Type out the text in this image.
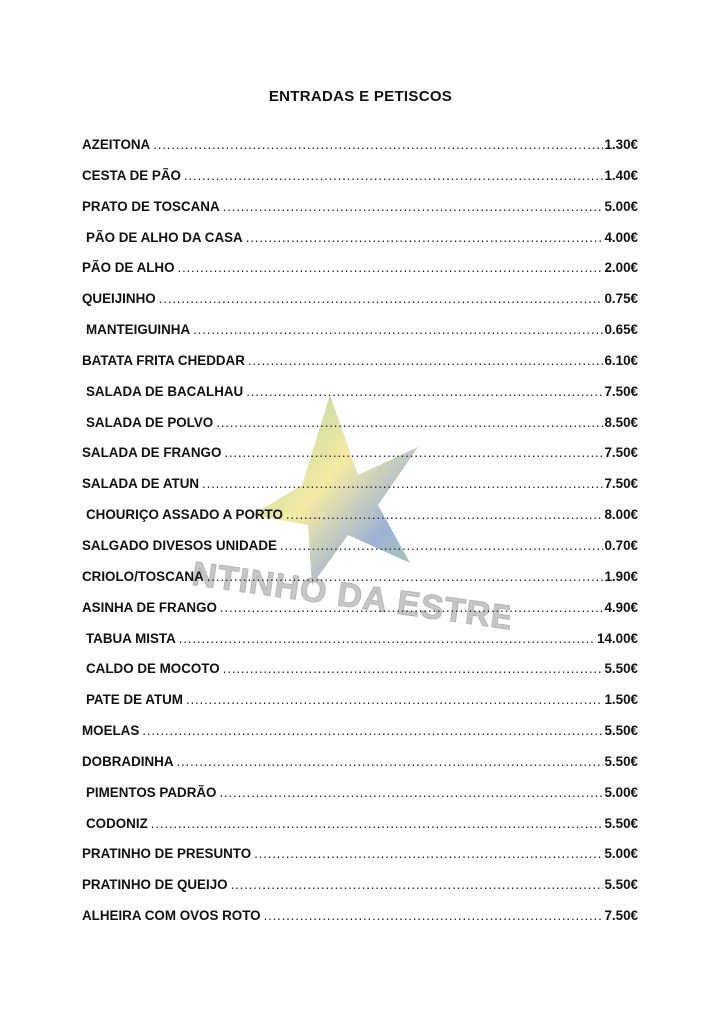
CANTINHO DA ESTRELA
ENTRADAS E PETISCOS
AZEITONA .....	1.30€
CESTA DE PÃO .....	1.40€
PRATO DE TOSCANA .....	5.00€
PÃO DE ALHO DA CASA .....	4.00€
PÃO DE ALHO .....	2.00€
QUEIJINHO .....	0.75€
MANTEIGUINHA .....	0.65€
BATATA FRITA CHEDDAR .....	6.10€
SALADA DE BACALHAU .....	7.50€
SALADA DE POLVO .....	8.50€
SALADA DE FRANGO .....	7.50€
SALADA DE ATUN .....	7.50€
CHOURIÇO ASSADO A PORTO .....	8.00€
SALGADO DIVESOS UNIDADE .....	0.70€
CRIOLO/TOSCANA .....	1.90€
ASINHA DE FRANGO .....	4.90€
TABUA MISTA .....	14.00€
CALDO DE MOCOTO .....	5.50€
PATE DE ATUM .....	1.50€
MOELAS .....	5.50€
DOBRADINHA .....	5.50€
PIMENTOS PADRÃO .....	5.00€
CODONIZ .....	5.50€
PRATINHO DE PRESUNTO .....	5.00€
PRATINHO DE QUEIJO .....	5.50€
ALHEIRA COM OVOS ROTO .....	7.50€
